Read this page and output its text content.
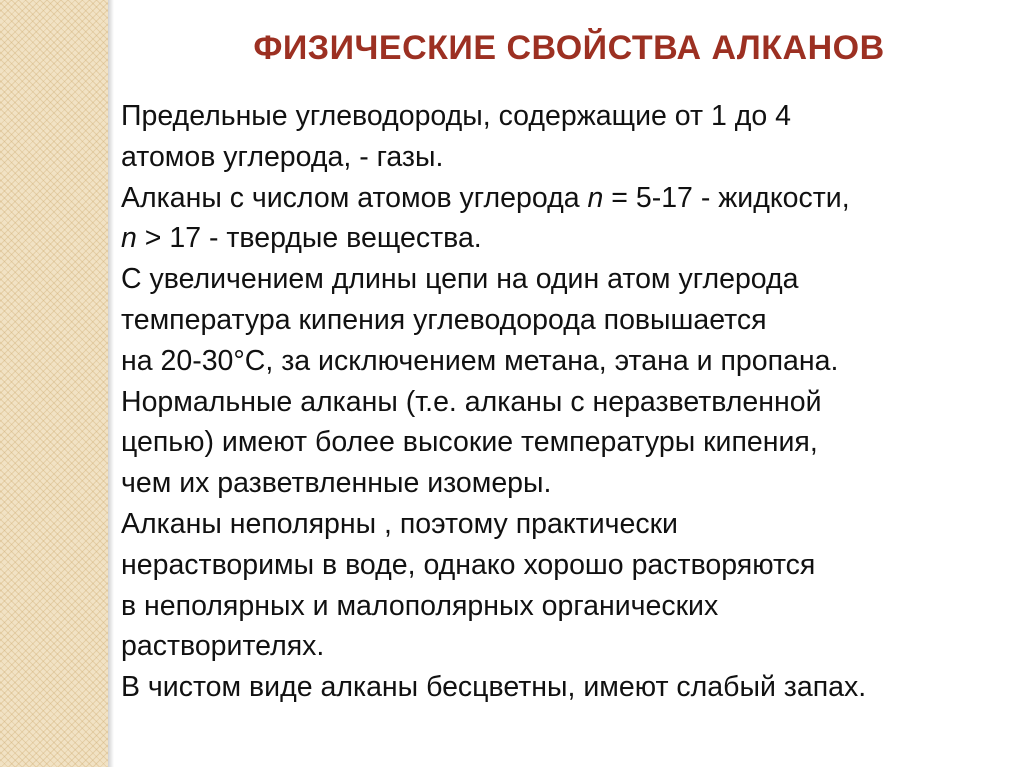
ФИЗИЧЕСКИЕ СВОЙСТВА АЛКАНОВ
Предельные углеводороды, содержащие от 1 до 4
атомов углерода, - газы.
Алканы с числом атомов углерода n = 5-17 - жидкости,
n > 17 - твердые вещества.
С увеличением длины цепи на один атом углерода
температура кипения углеводорода повышается
на 20-30°С, за исключением метана, этана и пропана.
Нормальные алканы (т.е. алканы с неразветвленной
цепью) имеют более высокие температуры кипения,
чем их разветвленные изомеры.
Алканы неполярны , поэтому практически
нерастворимы в воде, однако хорошо растворяются
в неполярных и малополярных органических
растворителях.
В чистом виде алканы бесцветны, имеют слабый запах.
